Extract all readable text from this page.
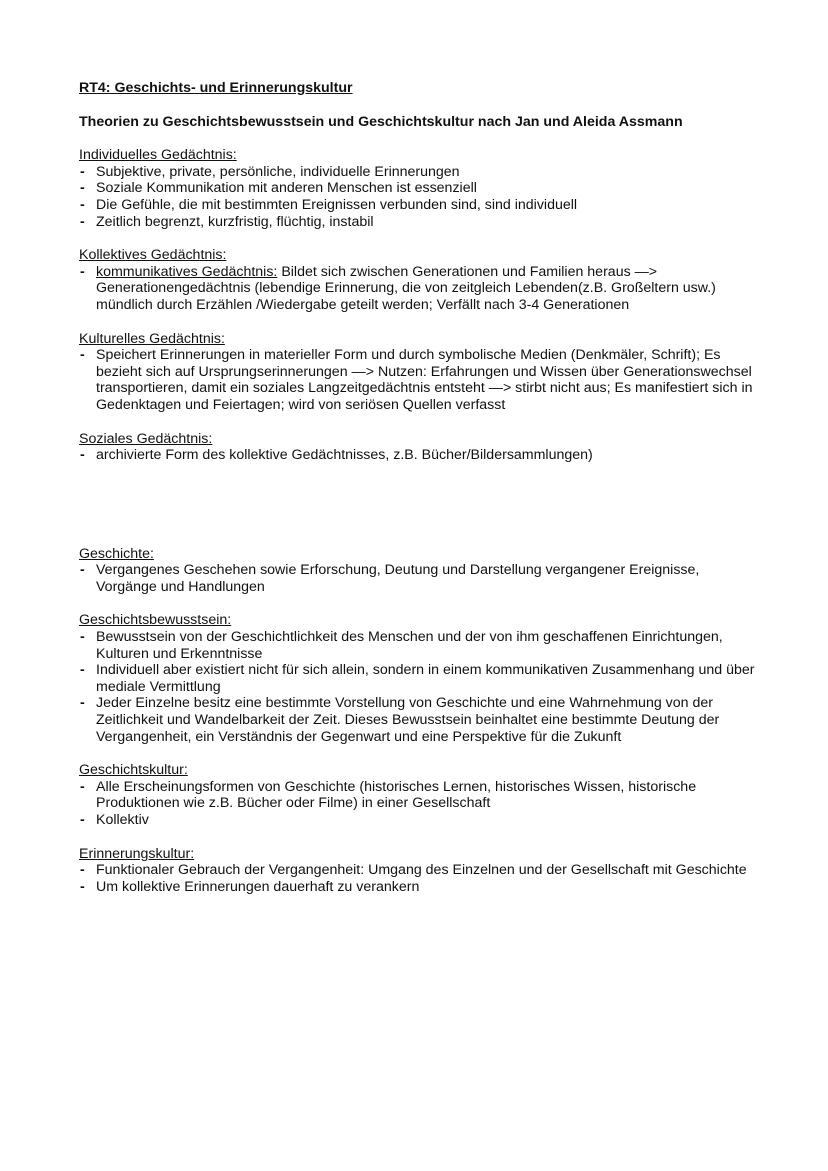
RT4: Geschichts- und Erinnerungskultur

Theorien zu Geschichtsbewusstsein und Geschichtskultur nach Jan und Aleida Assmann

Individuelles Gedächtnis:

- Subjektive, private, persönliche, individuelle Erinnerungen
- Soziale Kommunikation mit anderen Menschen ist essenziell
- Die Gefühle, die mit bestimmten Ereignissen verbunden sind, sind individuell
- Zeitlich begrenzt, kurzfristig, flüchtig, instabil

Kollektives Gedächtnis:

- kommunikatives Gedächtnis: Bildet sich zwischen Generationen und Familien heraus —> Generationengedächtnis (lebendige Erinnerung, die von zeitgleich Lebenden(z.B. Großeltern usw.) mündlich durch Erzählen /Wiedergabe geteilt werden; Verfällt nach 3-4 Generationen

Kulturelles Gedächtnis:

- Speichert Erinnerungen in materieller Form und durch symbolische Medien (Denkmäler, Schrift); Es bezieht sich auf Ursprungserinnerungen —> Nutzen: Erfahrungen und Wissen über Generationswechsel transportieren, damit ein soziales Langzeitgedächtnis entsteht —> stirbt nicht aus; Es manifestiert sich in Gedenktagen und Feiertagen; wird von seriösen Quellen verfasst

Soziales Gedächtnis:

- archivierte Form des kollektive Gedächtnisses, z.B. Bücher/Bildersammlungen)

Geschichte:

- Vergangenes Geschehen sowie Erforschung, Deutung und Darstellung vergangener Ereignisse, Vorgänge und Handlungen

Geschichtsbewusstsein:

- Bewusstsein von der Geschichtlichkeit des Menschen und der von ihm geschaffenen Einrichtungen, Kulturen und Erkenntnisse
- Individuell aber existiert nicht für sich allein, sondern in einem kommunikativen Zusammenhang und über mediale Vermittlung
- Jeder Einzelne besitz eine bestimmte Vorstellung von Geschichte und eine Wahrnehmung von der Zeitlichkeit und Wandelbarkeit der Zeit. Dieses Bewusstsein beinhaltet eine bestimmte Deutung der Vergangenheit, ein Verständnis der Gegenwart und eine Perspektive für die Zukunft

Geschichtskultur:

- Alle Erscheinungsformen von Geschichte (historisches Lernen, historisches Wissen, historische Produktionen wie z.B. Bücher oder Filme) in einer Gesellschaft
- Kollektiv

Erinnerungskultur:

- Funktionaler Gebrauch der Vergangenheit: Umgang des Einzelnen und der Gesellschaft mit Geschichte
- Um kollektive Erinnerungen dauerhaft zu verankern
